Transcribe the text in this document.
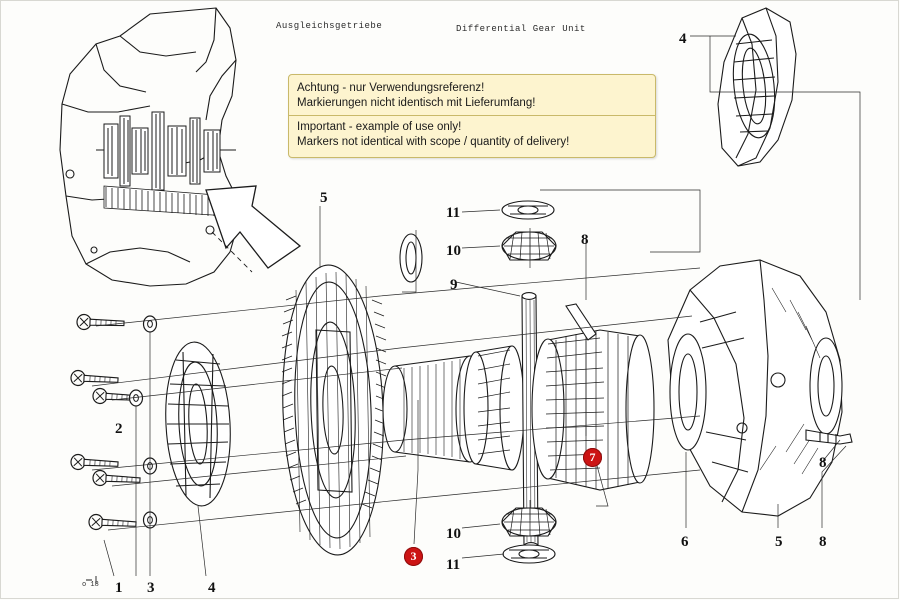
Ausgleichsgetriebe	Differential Gear Unit
o 18
Achtung - nur Verwendungsreferenz!
Markierungen nicht identisch mit Lieferumfang!
Important - example of use only!
Markers not identical with scope / quantity of delivery!
4
5
11
10
8
9
2
10
11
1 3	4
6	5 8
8
7
3
